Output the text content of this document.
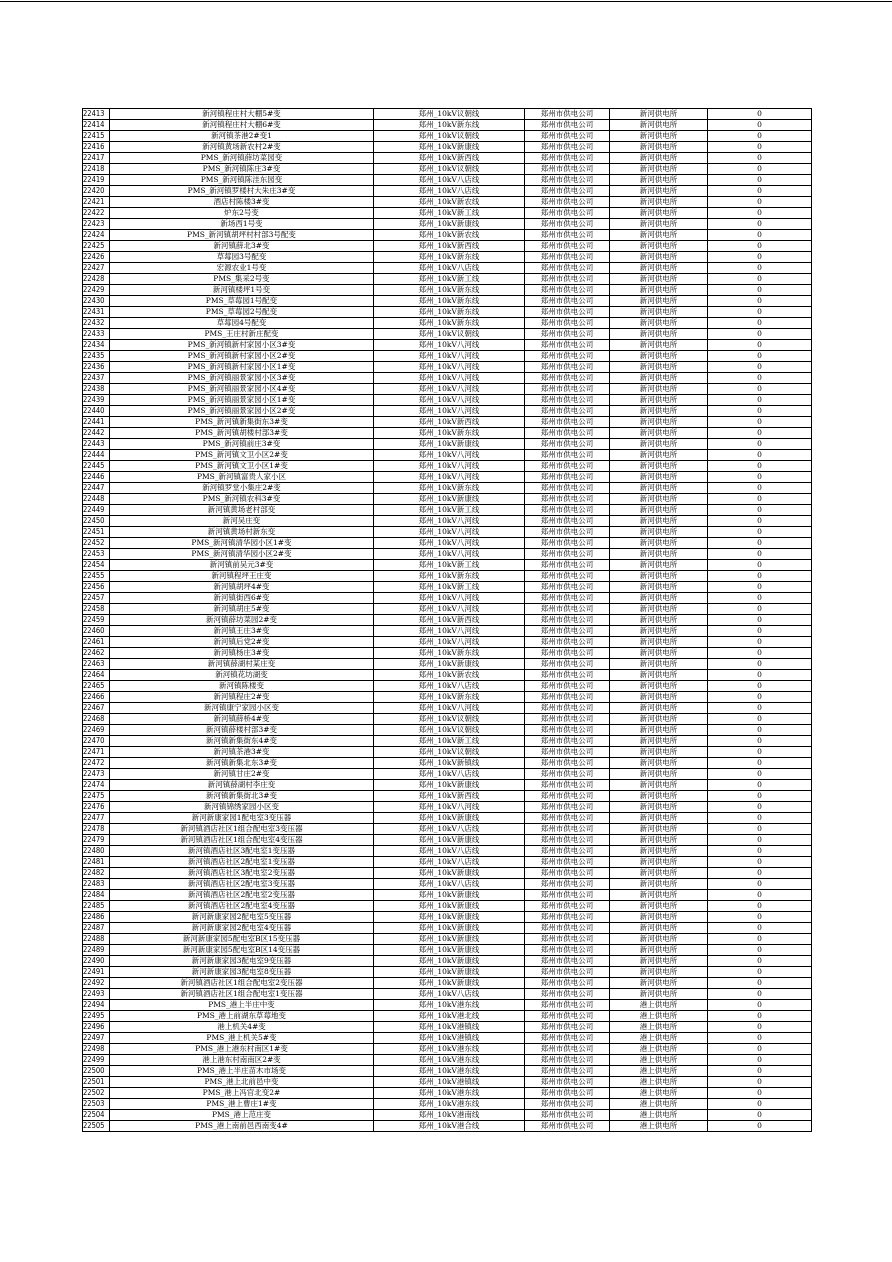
22413	新河镇程庄村大棚5#变	郑州_10kV议朝线	郑州市供电公司	新河供电所	0
22414	新河镇程庄村大棚6#变	郑州_10kV新东线	郑州市供电公司	新河供电所	0
22415	新河镇茶港2#变1	郑州_10kV议朝线	郑州市供电公司	新河供电所	0
22416	新河镇黄场新农村2#变	郑州_10kV新康线	郑州市供电公司	新河供电所	0
22417	PMS_新河镇薛坊菜园变	郑州_10kV新西线	郑州市供电公司	新河供电所	0
22418	PMS_新河镇陈庄3#变	郑州_10kV议朝线	郑州市供电公司	新河供电所	0
22419	PMS_新河镇陈洼东园变	郑州_10kV八店线	郑州市供电公司	新河供电所	0
22420	PMS_新河镇罗楼村大朱庄3#变	郑州_10kV八店线	郑州市供电公司	新河供电所	0
22421	酒店村陈楼3#变	郑州_10kV新农线	郑州市供电公司	新河供电所	0
22422	炉东2号变	郑州_10kV新工线	郑州市供电公司	新河供电所	0
22423	新场西1号变	郑州_10kV新康线	郑州市供电公司	新河供电所	0
22424	PMS_新河镇胡坪村村部3号配变	郑州_10kV新农线	郑州市供电公司	新河供电所	0
22425	新河镇薛北3#变	郑州_10kV新西线	郑州市供电公司	新河供电所	0
22426	草莓园3号配变	郑州_10kV新东线	郑州市供电公司	新河供电所	0
22427	宏源农业1号变	郑州_10kV八店线	郑州市供电公司	新河供电所	0
22428	PMS_集采2号变	郑州_10kV新工线	郑州市供电公司	新河供电所	0
22429	新河镇楼坪1号变	郑州_10kV新东线	郑州市供电公司	新河供电所	0
22430	PMS_草莓园1号配变	郑州_10kV新东线	郑州市供电公司	新河供电所	0
22431	PMS_草莓园2号配变	郑州_10kV新东线	郑州市供电公司	新河供电所	0
22432	草莓园4号配变	郑州_10kV新东线	郑州市供电公司	新河供电所	0
22433	PMS_王庄村新庄配变	郑州_10kV议朝线	郑州市供电公司	新河供电所	0
22434	PMS_新河镇新村家园小区3#变	郑州_10kV八河线	郑州市供电公司	新河供电所	0
22435	PMS_新河镇新村家园小区2#变	郑州_10kV八河线	郑州市供电公司	新河供电所	0
22436	PMS_新河镇新村家园小区1#变	郑州_10kV八河线	郑州市供电公司	新河供电所	0
22437	PMS_新河镇丽景家园小区3#变	郑州_10kV八河线	郑州市供电公司	新河供电所	0
22438	PMS_新河镇丽景家园小区4#变	郑州_10kV八河线	郑州市供电公司	新河供电所	0
22439	PMS_新河镇丽景家园小区1#变	郑州_10kV八河线	郑州市供电公司	新河供电所	0
22440	PMS_新河镇丽景家园小区2#变	郑州_10kV八河线	郑州市供电公司	新河供电所	0
22441	PMS_新河镇新集街东3#变	郑州_10kV新西线	郑州市供电公司	新河供电所	0
22442	PMS_新河镇胡楼村部3#变	郑州_10kV新东线	郑州市供电公司	新河供电所	0
22443	PMS_新河镇前庄3#变	郑州_10kV新康线	郑州市供电公司	新河供电所	0
22444	PMS_新河镇文卫小区2#变	郑州_10kV八河线	郑州市供电公司	新河供电所	0
22445	PMS_新河镇文卫小区1#变	郑州_10kV八河线	郑州市供电公司	新河供电所	0
22446	PMS_新河镇富贵人家小区	郑州_10kV八河线	郑州市供电公司	新河供电所	0
22447	新河镇罗堂小集庄2#变	郑州_10kV新东线	郑州市供电公司	新河供电所	0
22448	PMS_新河镇农科3#变	郑州_10kV新康线	郑州市供电公司	新河供电所	0
22449	新河镇黄场老村部变	郑州_10kV新工线	郑州市供电公司	新河供电所	0
22450	新河吴庄变	郑州_10kV八河线	郑州市供电公司	新河供电所	0
22451	新河镇黄场村新东变	郑州_10kV八河线	郑州市供电公司	新河供电所	0
22452	PMS_新河镇清华园小区1#变	郑州_10kV八河线	郑州市供电公司	新河供电所	0
22453	PMS_新河镇清华园小区2#变	郑州_10kV八河线	郑州市供电公司	新河供电所	0
22454	新河镇前吴元3#变	郑州_10kV新工线	郑州市供电公司	新河供电所	0
22455	新河镇程坪王庄变	郑州_10kV新东线	郑州市供电公司	新河供电所	0
22456	新河镇胡坪4#变	郑州_10kV新工线	郑州市供电公司	新河供电所	0
22457	新河镇街西6#变	郑州_10kV八河线	郑州市供电公司	新河供电所	0
22458	新河镇胡庄5#变	郑州_10kV八河线	郑州市供电公司	新河供电所	0
22459	新河镇薛坊菜园2#变	郑州_10kV新西线	郑州市供电公司	新河供电所	0
22460	新河镇王庄3#变	郑州_10kV八河线	郑州市供电公司	新河供电所	0
22461	新河镇后党2#变	郑州_10kV八河线	郑州市供电公司	新河供电所	0
22462	新河镇杨庄3#变	郑州_10kV新东线	郑州市供电公司	新河供电所	0
22463	新河镇薛湖村某庄变	郑州_10kV新康线	郑州市供电公司	新河供电所	0
22464	新河镇花坊湖变	郑州_10kV新农线	郑州市供电公司	新河供电所	0
22465	新河镇陈楼变	郑州_10kV八店线	郑州市供电公司	新河供电所	0
22466	新河镇程庄2#变	郑州_10kV新东线	郑州市供电公司	新河供电所	0
22467	新河镇康宁家园小区变	郑州_10kV八河线	郑州市供电公司	新河供电所	0
22468	新河镇薛桥4#变	郑州_10kV议朝线	郑州市供电公司	新河供电所	0
22469	新河镇薛楼村部3#变	郑州_10kV议朝线	郑州市供电公司	新河供电所	0
22470	新河镇新集街东4#变	郑州_10kV新工线	郑州市供电公司	新河供电所	0
22471	新河镇茶港3#变	郑州_10kV议朝线	郑州市供电公司	新河供电所	0
22472	新河镇新集北东3#变	郑州_10kV新镇线	郑州市供电公司	新河供电所	0
22473	新河镇甘庄2#变	郑州_10kV八店线	郑州市供电公司	新河供电所	0
22474	新河镇薛湖村李庄变	郑州_10kV新康线	郑州市供电公司	新河供电所	0
22475	新河镇新集街北3#变	郑州_10kV新西线	郑州市供电公司	新河供电所	0
22476	新河镇锦绣家园小区变	郑州_10kV八河线	郑州市供电公司	新河供电所	0
22477	新河新康家园1配电室3变压器	郑州_10kV新康线	郑州市供电公司	新河供电所	0
22478	新河镇酒店社区1组合配电室3变压器	郑州_10kV八店线	郑州市供电公司	新河供电所	0
22479	新河镇酒店社区1组合配电室4变压器	郑州_10kV新康线	郑州市供电公司	新河供电所	0
22480	新河镇酒店社区3配电室1变压器	郑州_10kV八店线	郑州市供电公司	新河供电所	0
22481	新河镇酒店社区2配电室1变压器	郑州_10kV八店线	郑州市供电公司	新河供电所	0
22482	新河镇酒店社区3配电室2变压器	郑州_10kV新康线	郑州市供电公司	新河供电所	0
22483	新河镇酒店社区2配电室3变压器	郑州_10kV八店线	郑州市供电公司	新河供电所	0
22484	新河镇酒店社区2配电室2变压器	郑州_10kV新康线	郑州市供电公司	新河供电所	0
22485	新河镇酒店社区2配电室4变压器	郑州_10kV新康线	郑州市供电公司	新河供电所	0
22486	新河新康家园2配电室5变压器	郑州_10kV新康线	郑州市供电公司	新河供电所	0
22487	新河新康家园2配电室4变压器	郑州_10kV新康线	郑州市供电公司	新河供电所	0
22488	新河新康家园5配电室B区15变压器	郑州_10kV新康线	郑州市供电公司	新河供电所	0
22489	新河新康家园5配电室B区14变压器	郑州_10kV新康线	郑州市供电公司	新河供电所	0
22490	新河新康家园3配电室9变压器	郑州_10kV新康线	郑州市供电公司	新河供电所	0
22491	新河新康家园3配电室8变压器	郑州_10kV新康线	郑州市供电公司	新河供电所	0
22492	新河镇酒店社区1组合配电室2变压器	郑州_10kV新康线	郑州市供电公司	新河供电所	0
22493	新河镇酒店社区1组合配电室1变压器	郑州_10kV八店线	郑州市供电公司	新河供电所	0
22494	PMS_港上半庄中变	郑州_10kV港东线	郑州市供电公司	港上供电所	0
22495	PMS_港上前湖东草莓地变	郑州_10kV港北线	郑州市供电公司	港上供电所	0
22496	港上机关4#变	郑州_10kV港镇线	郑州市供电公司	港上供电所	0
22497	PMS_港上机关5#变	郑州_10kV港镇线	郑州市供电公司	港上供电所	0
22498	PMS_港上港东村南区1#变	郑州_10kV港东线	郑州市供电公司	港上供电所	0
22499	港上港东村南南区2#变	郑州_10kV港东线	郑州市供电公司	港上供电所	0
22500	PMS_港上半庄苗木市场变	郑州_10kV港东线	郑州市供电公司	港上供电所	0
22501	PMS_港上北前邑中变	郑州_10kV港镇线	郑州市供电公司	港上供电所	0
22502	PMS_港上冯官北变2#	郑州_10kV港东线	郑州市供电公司	港上供电所	0
22503	PMS_港上曹庄1#变	郑州_10kV港东线	郑州市供电公司	港上供电所	0
22504	PMS_港上范庄变	郑州_10kV港南线	郑州市供电公司	港上供电所	0
22505	PMS_港上南前邑西南变4#	郑州_10kV港合线	郑州市供电公司	港上供电所	0
